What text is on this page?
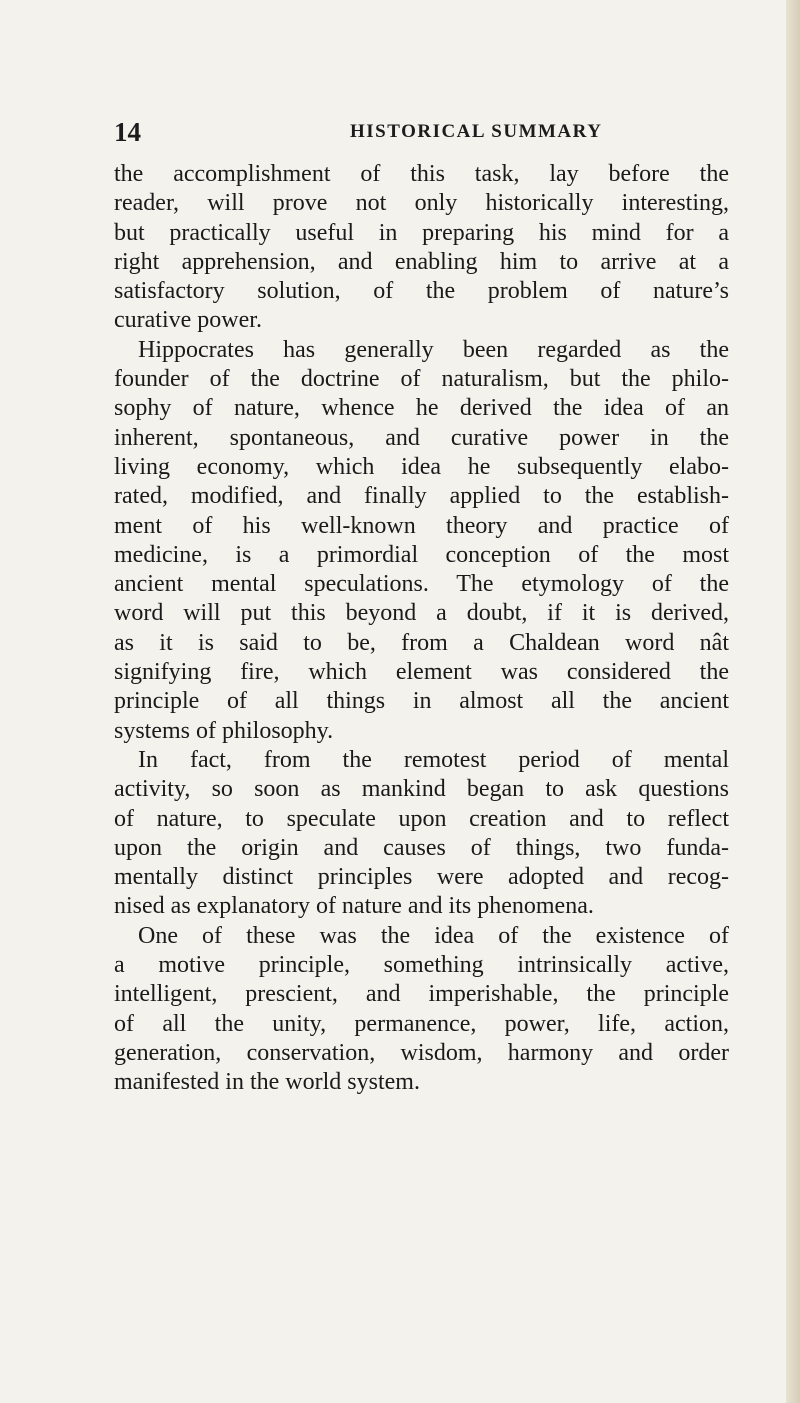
14	HISTORICAL SUMMARY
the accomplishment of this task, lay before the
reader, will prove not only historically interesting,
but practically useful in preparing his mind for a
right apprehension, and enabling him to arrive at a
satisfactory solution, of the problem of nature’s
curative power.
Hippocrates has generally been regarded as the
founder of the doctrine of naturalism, but the philo-
sophy of nature, whence he derived the idea of an
inherent, spontaneous, and curative power in the
living economy, which idea he subsequently elabo-
rated, modified, and finally applied to the establish-
ment of his well-known theory and practice of
medicine, is a primordial conception of the most
ancient mental speculations. The etymology of the
word will put this beyond a doubt, if it is derived,
as it is said to be, from a Chaldean word nât
signifying fire, which element was considered the
principle of all things in almost all the ancient
systems of philosophy.
In fact, from the remotest period of mental
activity, so soon as mankind began to ask questions
of nature, to speculate upon creation and to reflect
upon the origin and causes of things, two funda-
mentally distinct principles were adopted and recog-
nised as explanatory of nature and its phenomena.
One of these was the idea of the existence of
a motive principle, something intrinsically active,
intelligent, prescient, and imperishable, the principle
of all the unity, permanence, power, life, action,
generation, conservation, wisdom, harmony and order
manifested in the world system.
